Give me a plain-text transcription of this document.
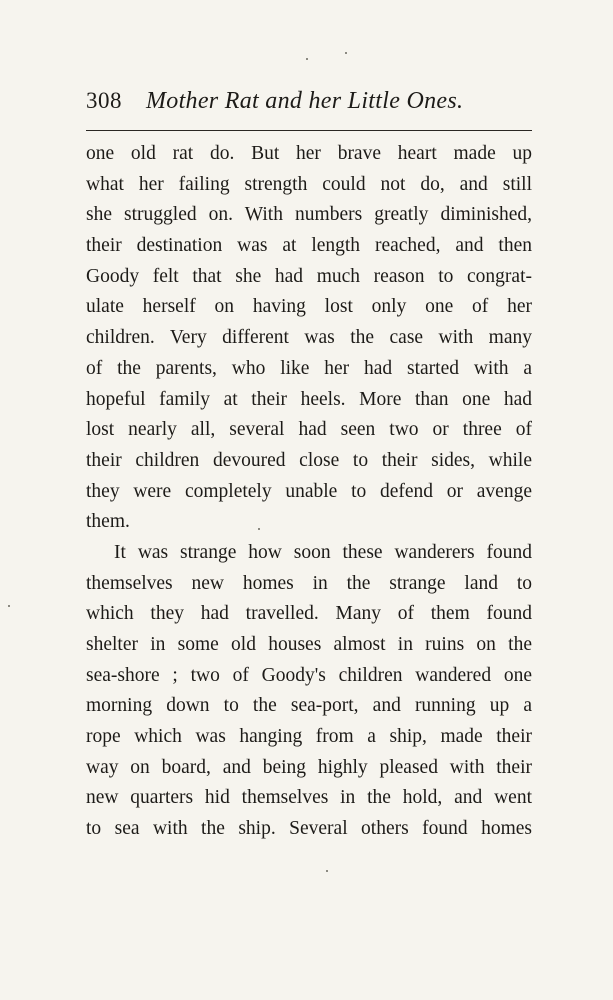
308 Mother Rat and her Little Ones.
one old rat do. But her brave heart made up
what her failing strength could not do, and still
she struggled on. With numbers greatly diminished,
their destination was at length reached, and then
Goody felt that she had much reason to congrat-
ulate herself on having lost only one of her
children. Very different was the case with many
of the parents, who like her had started with a
hopeful family at their heels. More than one had
lost nearly all, several had seen two or three of
their children devoured close to their sides, while
they were completely unable to defend or avenge
them.
It was strange how soon these wanderers found
themselves new homes in the strange land to
which they had travelled. Many of them found
shelter in some old houses almost in ruins on the
sea-shore ; two of Goody's children wandered one
morning down to the sea-port, and running up a
rope which was hanging from a ship, made their
way on board, and being highly pleased with their
new quarters hid themselves in the hold, and went
to sea with the ship. Several others found homes
